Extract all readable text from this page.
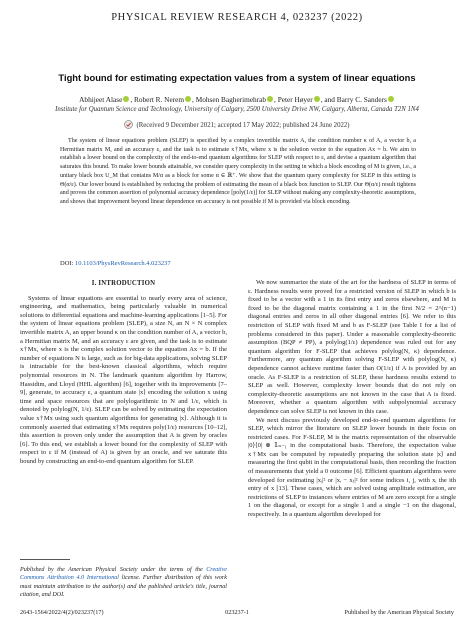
PHYSICAL REVIEW RESEARCH 4, 023237 (2022)
Tight bound for estimating expectation values from a system of linear equations
Abhijeet Alase , Robert R. Nerem , Mohsen Bagherimehrab , Peter Høyer , and Barry C. Sanders
Institute for Quantum Science and Technology, University of Calgary, 2500 University Drive NW, Calgary, Alberta, Canada T2N 1N4
(Received 9 December 2021; accepted 17 May 2022; published 24 June 2022)

The system of linear equations problem (SLEP) is specified by a complex invertible matrix A, the condition number κ of A, a vector b, a Hermitian matrix M, and an accuracy ε, and the task is to estimate x†Mx, where x is the solution vector to the equation Ax = b. We aim to establish a lower bound on the complexity of the end-to-end quantum algorithms for SLEP with respect to ε, and devise a quantum algorithm that saturates this bound. To make lower bounds attainable, we consider query complexity in the setting in which a block encoding of M is given, i.e., a unitary black box U_M that contains M/α as a block for some α ∈ ℝ⁺. We show that the quantum query complexity for SLEP in this setting is Θ(α/ε). Our lower bound is established by reducing the problem of estimating the mean of a black box function to SLEP. Our Θ(α/ε) result tightens and proves the common assertion of polynomial accuracy dependence [poly(1/ε)] for SLEP without making any complexity-theoretic assumptions, and shows that improvement beyond linear dependence on accuracy is not possible if M is provided via block encoding.

DOI: 10.1103/PhysRevResearch.4.023237
I. INTRODUCTION

Systems of linear equations are essential to nearly every area of science, engineering, and mathematics, being particularly valuable in numerical solutions to differential equations and machine-learning applications [1–5]. For the system of linear equations problem (SLEP), a size N, an N × N complex invertible matrix A, an upper bound κ on the condition number of A, a vector b, a Hermitian matrix M, and an accuracy ε are given, and the task is to estimate x†Mx, where x is the complex solution vector to the equation Ax = b. If the number of equations N is large, such as for big-data applications, solving SLEP is intractable for the best-known classical algorithms, which require polynomial resources in N. The landmark quantum algorithm by Harrow, Hassidim, and Lloyd (HHL algorithm) [6], together with its improvements [7–9], generate, to accuracy ε, a quantum state |x⟩ encoding the solution x using time and space resources that are polylogarithmic in N and 1/ε, which is denoted by polylog(N, 1/ε). SLEP can be solved by estimating the expectation value x†Mx using such quantum algorithms for generating |x⟩. Although it is commonly asserted that estimating x†Mx requires poly(1/ε) resources [10–12], this assertion is proven only under the assumption that A is given by oracles [6]. To this end, we establish a lower bound for the complexity of SLEP with respect to ε if M (instead of A) is given by an oracle, and we saturate this bound by constructing an end-to-end quantum algorithm for SLEP.

We now summarize the state of the art for the hardness of SLEP in terms of ε. Hardness results were proved for a restricted version of SLEP in which b is fixed to be a vector with a 1 in its first entry and zeros elsewhere, and M is fixed to be the diagonal matrix containing a 1 in the first N/2 = 2^(n−1) diagonal entries and zeros in all other diagonal entries [6]. We refer to this restriction of SLEP with fixed M and b as F-SLEP (see Table I for a list of problems considered in this paper). Under a reasonable complexity-theoretic assumption (BQP ≠ PP), a polylog(1/ε) dependence was ruled out for any quantum algorithm for F-SLEP that achieves polylog(N, κ) dependence. Furthermore, any quantum algorithm solving F-SLEP with polylog(N, κ) dependence cannot achieve runtime faster than O(1/ε) if A is provided by an oracle. As F-SLEP is a restriction of SLEP, these hardness results extend to SLEP as well. However, complexity lower bounds that do not rely on complexity-theoretic assumptions are not known in the case that A is fixed. Moreover, whether a quantum algorithm with subpolynomial accuracy dependence can solve SLEP is not known in this case.

We next discuss previously developed end-to-end quantum algorithms for SLEP, which mirror the literature on SLEP lower bounds in their focus on restricted cases. For F-SLEP, M is the matrix representation of the observable |0⟩⟨0| ⊗ 𝟙ₙ₋₁ in the computational basis. Therefore, the expectation value x†Mx can be computed by repeatedly preparing the solution state |x⟩ and measuring the first qubit in the computational basis, then recording the fraction of measurements that yield a 0 outcome [6]. Efficient quantum algorithms were developed for estimating |xᵢ|² or |xᵢ − xⱼ|² for some indices i, j, with xᵢ the ith entry of x [13]. These cases, which are solved using amplitude estimation, are restrictions of SLEP to instances where entries of M are zero except for a single 1 on the diagonal, or except for a single 1 and a single −1 on the diagonal, respectively. In a quantum algorithm developed for

Published by the American Physical Society under the terms of the Creative Commons Attribution 4.0 International license. Further distribution of this work must maintain attribution to the author(s) and the published article's title, journal citation, and DOI.
2643-1564/2022/4(2)/023237(17)	023237-1	Published by the American Physical Society
